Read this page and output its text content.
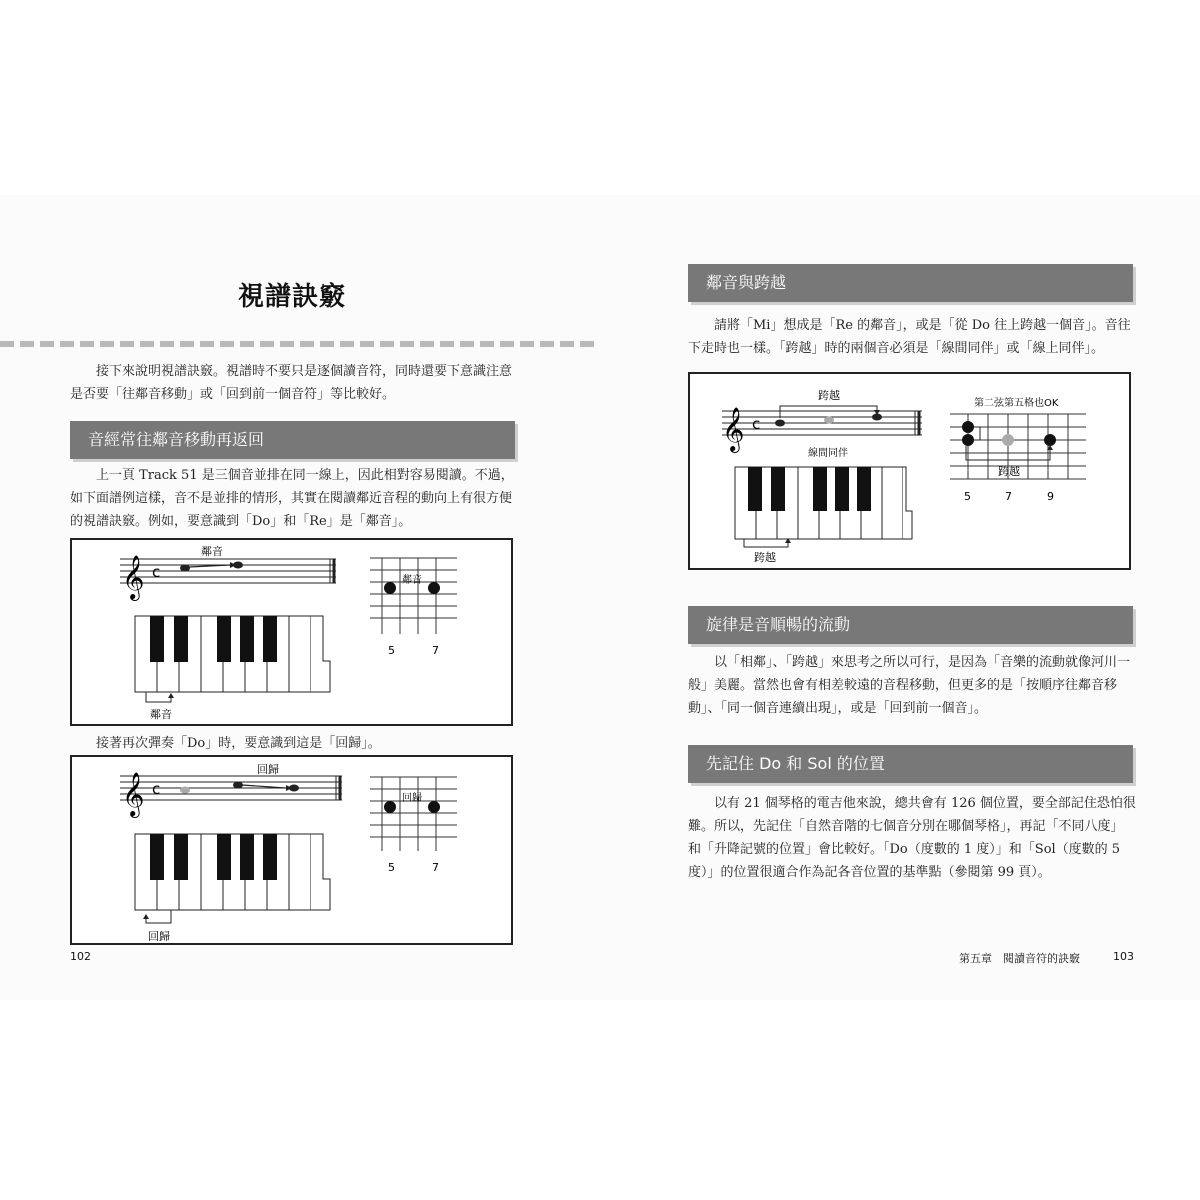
視譜訣竅
接下來說明視譜訣竅。視譜時不要只是逐個讀音符，同時還要下意識注意是否要「往鄰音移動」或「回到前一個音符」等比較好。
音經常往鄰音移動再返回
上一頁 Track 51 是三個音並排在同一線上，因此相對容易閱讀。不過，如下面譜例這樣，音不是並排的情形，其實在閱讀鄰近音程的動向上有很方便的視譜訣竅。例如，要意識到「Do」和「Re」是「鄰音」。
𝄞 c
鄰音
鄰音
鄰音
5	7
接著再次彈奏「Do」時，要意識到這是「回歸」。
𝄞 c
回歸
回歸
回歸
5	7
102
鄰音與跨越
請將「Mi」想成是「Re 的鄰音」，或是「從 Do 往上跨越一個音」。音往下走時也一樣。「跨越」時的兩個音必須是「線間同伴」或「線上同伴」。
𝄞 c
跨越
線間同伴
跨越
第二弦第五格也OK
跨越
5	7	9
旋律是音順暢的流動
以「相鄰」、「跨越」來思考之所以可行，是因為「音樂的流動就像河川一般」美麗。當然也會有相差較遠的音程移動，但更多的是「按順序往鄰音移動」、「同一個音連續出現」，或是「回到前一個音」。
先記住 Do 和 Sol 的位置
以有 21 個琴格的電吉他來說，總共會有 126 個位置，要全部記住恐怕很難。所以，先記住「自然音階的七個音分別在哪個琴格」，再記「不同八度」和「升降記號的位置」會比較好。「Do（度數的 1 度）」和「Sol（度數的 5 度）」的位置很適合作為記各音位置的基準點（參閱第 99 頁）。
第五章　閱讀音符的訣竅	103
